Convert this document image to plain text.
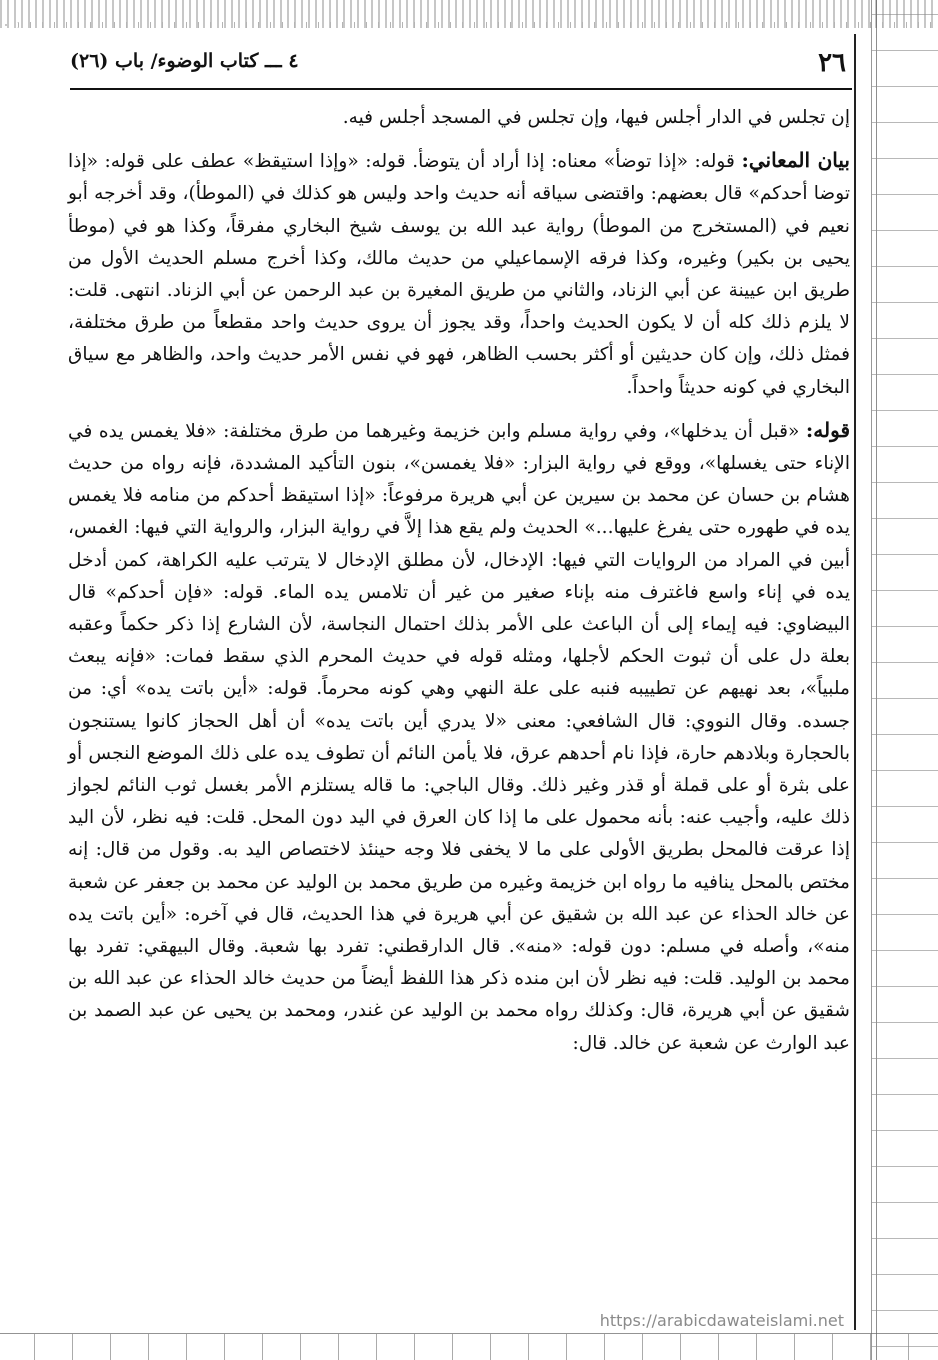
٢٦
٤ ـــ كتاب الوضوء/ باب (٢٦)

إن تجلس في الدار أجلس فيها، وإن تجلس في المسجد أجلس فيه.

بيان المعاني: قوله: «إذا توضأ» معناه: إذا أراد أن يتوضأ. قوله: «وإذا استيقظ» عطف على قوله: «إذا توضا أحدكم» قال بعضهم: واقتضى سياقه أنه حديث واحد وليس هو كذلك في (الموطأ)، وقد أخرجه أبو نعيم في (المستخرج من الموطأ) رواية عبد الله بن يوسف شيخ البخاري مفرقاً، وكذا هو في (موطأ يحيى بن بكير) وغيره، وكذا فرقه الإسماعيلي من حديث مالك، وكذا أخرج مسلم الحديث الأول من طريق ابن عيينة عن أبي الزناد، والثاني من طريق المغيرة بن عبد الرحمن عن أبي الزناد. انتهى. قلت: لا يلزم ذلك كله أن لا يكون الحديث واحداً، وقد يجوز أن يروى حديث واحد مقطعاً من طرق مختلفة، فمثل ذلك، وإن كان حديثين أو أكثر بحسب الظاهر، فهو في نفس الأمر حديث واحد، والظاهر مع سياق البخاري في كونه حديثاً واحداً.

قوله: «قبل أن يدخلها»، وفي رواية مسلم وابن خزيمة وغيرهما من طرق مختلفة: «فلا يغمس يده في الإناء حتى يغسلها»، ووقع في رواية البزار: «فلا يغمسن»، بنون التأكيد المشددة، فإنه رواه من حديث هشام بن حسان عن محمد بن سيرين عن أبي هريرة مرفوعاً: «إذا استيقظ أحدكم من منامه فلا يغمس يده في طهوره حتى يفرغ عليها...» الحديث ولم يقع هذا إلاَّ في رواية البزار، والرواية التي فيها: الغمس، أبين في المراد من الروايات التي فيها: الإدخال، لأن مطلق الإدخال لا يترتب عليه الكراهة، كمن أدخل يده في إناء واسع فاغترف منه بإناء صغير من غير أن تلامس يده الماء. قوله: «فإن أحدكم» قال البيضاوي: فيه إيماء إلى أن الباعث على الأمر بذلك احتمال النجاسة، لأن الشارع إذا ذكر حكماً وعقبه بعلة دل على أن ثبوت الحكم لأجلها، ومثله قوله في حديث المحرم الذي سقط فمات: «فإنه يبعث ملبياً»، بعد نهيهم عن تطييبه فنبه على علة النهي وهي كونه محرماً. قوله: «أين باتت يده» أي: من جسده. وقال النووي: قال الشافعي: معنى «لا يدري أين باتت يده» أن أهل الحجاز كانوا يستنجون بالحجارة وبلادهم حارة، فإذا نام أحدهم عرق، فلا يأمن النائم أن تطوف يده على ذلك الموضع النجس أو على بثرة أو على قملة أو قذر وغير ذلك. وقال الباجي: ما قاله يستلزم الأمر بغسل ثوب النائم لجواز ذلك عليه، وأجيب عنه: بأنه محمول على ما إذا كان العرق في اليد دون المحل. قلت: فيه نظر، لأن اليد إذا عرقت فالمحل بطريق الأولى على ما لا يخفى فلا وجه حينئذ لاختصاص اليد به. وقول من قال: إنه مختص بالمحل ينافيه ما رواه ابن خزيمة وغيره من طريق محمد بن الوليد عن محمد بن جعفر عن شعبة عن خالد الحذاء عن عبد الله بن شقيق عن أبي هريرة في هذا الحديث، قال في آخره: «أين باتت يده منه»، وأصله في مسلم: دون قوله: «منه». قال الدارقطني: تفرد بها شعبة. وقال البيهقي: تفرد بها محمد بن الوليد. قلت: فيه نظر لأن ابن منده ذكر هذا اللفظ أيضاً من حديث خالد الحذاء عن عبد الله بن شقيق عن أبي هريرة، قال: وكذلك رواه محمد بن الوليد عن غندر، ومحمد بن يحيى عن عبد الصمد بن عبد الوارث عن شعبة عن خالد. قال:

https://arabicdawateislami.net
